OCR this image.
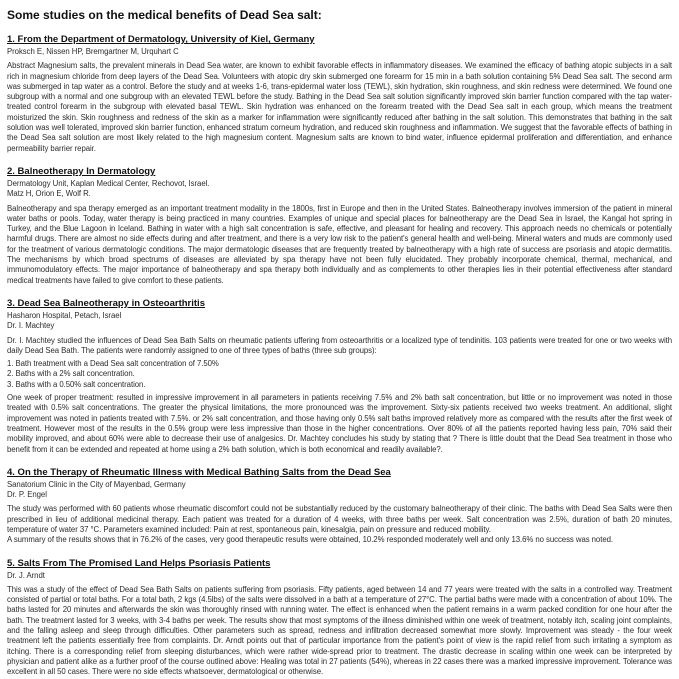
Some studies on the medical benefits of Dead Sea salt:
1. From the Department of Dermatology, University of Kiel, Germany

Proksch E, Nissen HP, Bremgartner M, Urquhart C

Abstract Magnesium salts, the prevalent minerals in Dead Sea water, are known to exhibit favorable effects in inflammatory diseases. We examined the efficacy of bathing atopic subjects in a salt rich in magnesium chloride from deep layers of the Dead Sea. Volunteers with atopic dry skin submerged one forearm for 15 min in a bath solution containing 5% Dead Sea salt. The second arm was submerged in tap water as a control. Before the study and at weeks 1-6, trans-epidermal water loss (TEWL), skin hydration, skin roughness, and skin redness were determined. We found one subgroup with a normal and one subgroup with an elevated TEWL before the study. Bathing in the Dead Sea salt solution significantly improved skin barrier function compared with the tap water-treated control forearm in the subgroup with elevated basal TEWL. Skin hydration was enhanced on the forearm treated with the Dead Sea salt in each group, which means the treatment moisturized the skin. Skin roughness and redness of the skin as a marker for inflammation were significantly reduced after bathing in the salt solution. This demonstrates that bathing in the salt solution was well tolerated, improved skin barrier function, enhanced stratum corneum hydration, and reduced skin roughness and inflammation. We suggest that the favorable effects of bathing in the Dead Sea salt solution are most likely related to the high magnesium content. Magnesium salts are known to bind water, influence epidermal proliferation and differentiation, and enhance permeability barrier repair.

2. Balneotherapy In Dermatology

Dermatology Unit, Kaplan Medical Center, Rechovot, Israel.

Matz H, Orion E, Wolf R.

Balneotherapy and spa therapy emerged as an important treatment modality in the 1800s, first in Europe and then in the United States. Balneotherapy involves immersion of the patient in mineral water baths or pools. Today, water therapy is being practiced in many countries. Examples of unique and special places for balneotherapy are the Dead Sea in Israel, the Kangal hot spring in Turkey, and the Blue Lagoon in Iceland. Bathing in water with a high salt concentration is safe, effective, and pleasant for healing and recovery. This approach needs no chemicals or potentially harmful drugs. There are almost no side effects during and after treatment, and there is a very low risk to the patient's general health and well-being. Mineral waters and muds are commonly used for the treatment of various dermatologic conditions. The major dermatologic diseases that are frequently treated by balneotherapy with a high rate of success are psoriasis and atopic dermatitis. The mechanisms by which broad spectrums of diseases are alleviated by spa therapy have not been fully elucidated. They probably incorporate chemical, thermal, mechanical, and immunomodulatory effects. The major importance of balneotherapy and spa therapy both individually and as complements to other therapies lies in their potential effectiveness after standard medical treatments have failed to give comfort to these patients.

3. Dead Sea Balneotherapy in Osteoarthritis

Hasharon Hospital, Petach, Israel

Dr. I. Machtey

Dr. I. Machtey studied the influences of Dead Sea Bath Salts on rheumatic patients uffering from osteoarthritis or a localized type of tendinitis. 103 patients were treated for one or two weeks with daily Dead Sea Bath. The patients were randomly assigned to one of three types of baths (three sub groups):

1. Bath treatment with a Dead Sea salt concentration of 7.50%
2. Baths with a 2% salt concentration.
3. Baths with a 0.50% salt concentration.

One week of proper treatment: resulted in impressive improvement in all parameters in patients receiving 7.5% and 2% bath salt concentration, but little or no improvement was noted in those treated with 0.5% salt concentrations. The greater the physical limitations, the more pronounced was the improvement. Sixty-six patients received two weeks treatment. An additional, slight improvement was noted in patients treated with 7.5%. or 2% salt concentration, and those having only 0.5% salt baths improved relatively more as compared with the results after the first week of treatment. However most of the results in the 0.5% group were less impressive than those in the higher concentrations. Over 80% of all the patients reported having less pain, 70% said their mobility improved, and about 60% were able to decrease their use of analgesics. Dr. Machtey concludes his study by stating that ? There is little doubt that the Dead Sea treatment in those who benefit from it can be extended and repeated at home using a 2% bath solution, which is both economical and readily available?.

4. On the Therapy of Rheumatic Illness with Medical Bathing Salts from the Dead Sea

Sanatorium Clinic in the City of Mayenbad, Germany

Dr. P. Engel

The study was performed with 60 patients whose rheumatic discomfort could not be substantially reduced by the customary balneotherapy of their clinic. The baths with Dead Sea Salts were then prescribed in lieu of additional medicinal therapy. Each patient was treated for a duration of 4 weeks, with three baths per week. Salt concentration was 2.5%, duration of bath 20 minutes, temperature of water 37 °C. Parameters examined included: Pain at rest, spontaneous pain, kinesalgia, pain on pressure and reduced mobility.

A summary of the results shows that in 76.2% of the cases, very good therapeutic results were obtained, 10.2% responded moderately well and only 13.6% no success was noted.

5. Salts From The Promised Land Helps Psoriasis Patients

Dr. J. Arndt

This was a study of the effect of Dead Sea Bath Salts on patients suffering from psoriasis. Fifty patients, aged between 14 and 77 years were treated with the salts in a controlled way. Treatment consisted of partial or total baths. For a total bath, 2 kgs (4.5lbs) of the salts were dissolved in a bath at a temperature of 27°C. The partial baths were made with a concentration of about 10%. The baths lasted for 20 minutes and afterwards the skin was thoroughly rinsed with running water. The effect is enhanced when the patient remains in a warm packed condition for one hour after the bath. The treatment lasted for 3 weeks, with 3-4 baths per week. The results show that most symptoms of the illness diminished within one week of treatment, notably itch, scaling joint complaints, and the falling asleep and sleep through difficulties. Other parameters such as spread, redness and infiltration decreased somewhat more slowly. Improvement was steady - the four week treatment left the patients essentially free from complaints. Dr. Arndt points out that of particular importance from the patient's point of view is the rapid relief from such irritating a symptom as itching. There is a corresponding relief from sleeping disturbances, which were rather wide-spread prior to treatment. The drastic decrease in scaling within one week can be interpreted by physician and patient alike as a further proof of the course outlined above: Healing was total in 27 patients (54%), whereas in 22 cases there was a marked impressive improvement. Tolerance was excellent in all 50 cases. There were no side effects whatsoever, dermatological or otherwise.
